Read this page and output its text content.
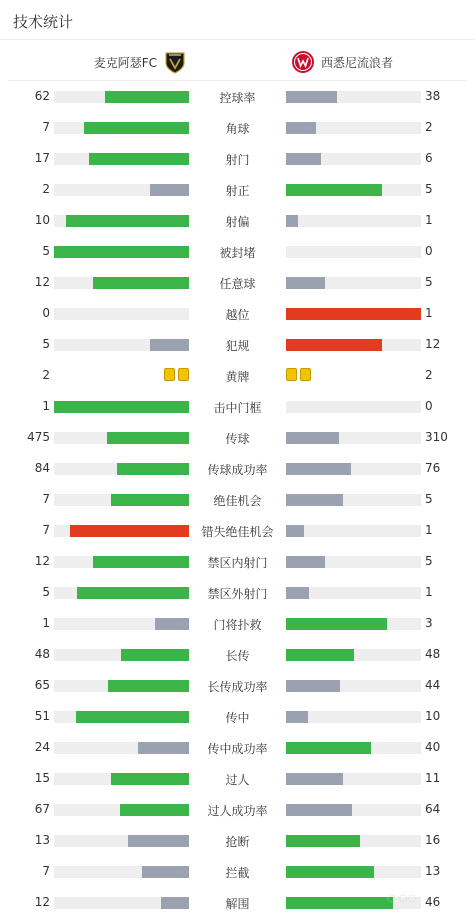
技术统计
麦克阿瑟FC	西悉尼流浪者
62	控球率	38
7	角球	2
17	射门	6
2	射正	5
10	射偏	1
5	被封堵	0
12	任意球	5
0	越位	1
5	犯规	12
2	黄牌	2
1	击中门框	0
475	传球	310
84	传球成功率	76
7	绝佳机会	5
7	错失绝佳机会	1
12	禁区内射门	5
5	禁区外射门	1
1	门将扑救	3
48	长传	48
65	长传成功率	44
51	传中	10
24	传中成功率	40
15	过人	11
67	过人成功率	64
13	抢断	16
7	拦截	13
12	解围	46
◌ ◌◌
